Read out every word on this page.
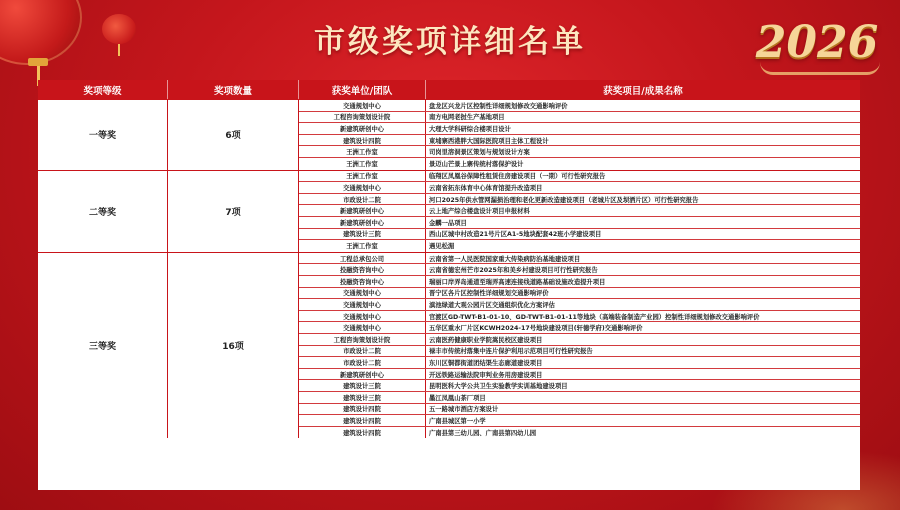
市级奖项详细名单	2026
奖项等级	奖项数量	获奖单位/团队	获奖项目/成果名称
一等奖	6项
交通规划中心	盘龙区兴龙片区控制性详细规划修改交通影响评价
工程咨询策划设计院	南方电网老挝生产基地项目
新建筑研创中心	大理大学科研综合楼项目设计
建筑设计四院	東埔寨西港胖大国际医院项目主体工程设计
王洲工作室	司岗里溶洞景区策划与规划设计方案
王洲工作室	景迈山芒景上寨传统村落保护设计
二等奖	7项
王洲工作室	临翔区凤凰谷保障性租赁住房建设项目（一期）可行性研究报告
交通规划中心	云南省拓东体育中心体育馆提升改造项目
市政设计二院	河口2025年供水管网漏损治理和老化更新改造建设项目（老城片区及坝洒片区）可行性研究报告
新建筑研创中心	云上地产综合楼盘设计项目申报材料
新建筑研创中心	金麟一品项目
建筑设计三院	西山区城中村改造21号片区A1-5地块配套42班小学建设项目
王洲工作室	遇见松湄
三等奖	16项
工程总承包公司	云南省第一人民医院国家重大传染病防治基地建设项目
投融资咨询中心	云南省德宏州芒市2025年和美乡村建设项目可行性研究报告
投融资咨询中心	瑞丽口岸弄岛通道至瑞弄高速连接线道路基础设施改造提升项目
交通规划中心	晋宁区各片区控制性详细规划交通影响评价
交通规划中心	滇池绿道大观公园片区交通组织优化方案评估
交通规划中心	官渡区GD-TWT-B1-01-10、GD-TWT-B1-01-11等地块（高端装备制造产业园）控制性详细规划修改交通影响评价
交通规划中心	五华区重水厂片区KCWH2024-17号地块建设项目(轩德学府)交通影响评价
工程咨询策划设计院	云南医药健康职业学院嵩民校区建设项目
市政设计二院	禄丰市传统村落集中连片保护利用示范项目可行性研究报告
市政设计二院	东川区铜都街道团结渠生态廊道建设项目
新建筑研创中心	开远铁路运输法院审判业务用房建设项目
建筑设计三院	昆明医科大学公共卫生实验教学实训基地建设项目
建筑设计三院	墨江凤凰山茶厂项目
建筑设计四院	五一路城市酒店方案设计
建筑设计四院	广南县城区第一小学
建筑设计四院	广南县第三幼儿园、广南县第四幼儿园
